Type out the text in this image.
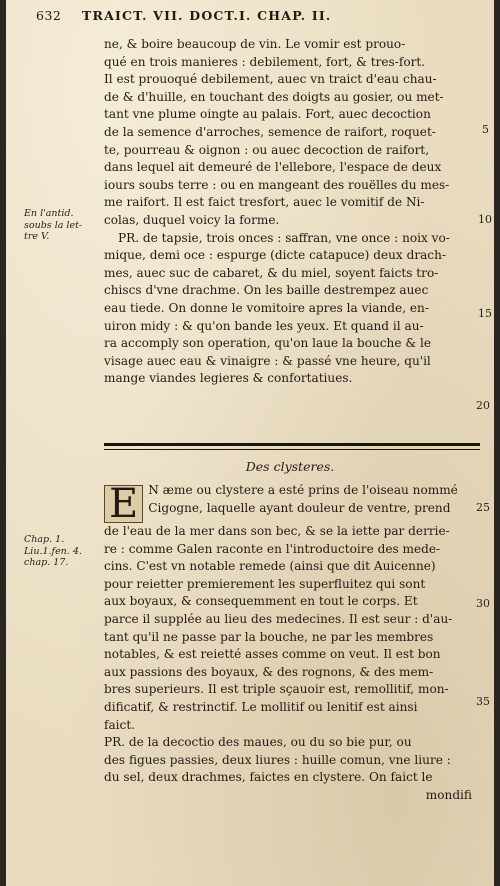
632 TRAICT. VII. DOCT.I. CHAP. II.
ne, & boire beaucoup de vin. Le vomir est prouo-
qué en trois manieres : debilement, fort, & tres-fort.
Il est prouoqué debilement, auec vn traict d'eau chau-
de & d'huille, en touchant des doigts au gosier, ou met-
tant vne plume oingte au palais. Fort, auec decoction
de la semence d'arroches, semence de raifort, roquet-
te, pourreau & oignon : ou auec decoction de raifort,
dans lequel ait demeuré de l'ellebore, l'espace de deux
iours soubs terre : ou en mangeant des rouëlles du mes-
me raifort. Il est faict tresfort, auec le vomitif de Ni-
colas, duquel voicy la forme.
PR. de tapsie, trois onces : saffran, vne once : noix vo-
mique, demi oce : espurge (dicte catapuce) deux drach-
mes, auec suc de cabaret, & du miel, soyent faicts tro-
chiscs d'vne drachme. On les baille destrempez auec
eau tiede. On donne le vomitoire apres la viande, en-
uiron midy : & qu'on bande les yeux. Et quand il au-
ra accomply son operation, qu'on laue la bouche & le
visage auec eau & vinaigre : & passé vne heure, qu'il
mange viandes legieres & confortatiues.
En l'antid.
soubs la let-
tre V.
Chap. 1.
Liu.1.fen. 4.
chap. 17.
5
10
15
20
25
30
35
Des clysteres.
E N æme ou clystere a esté prins de l'oiseau nommé
Cigogne, laquelle ayant douleur de ventre, prend
de l'eau de la mer dans son bec, & se la iette par derrie-
re : comme Galen raconte en l'introductoire des mede-
cins. C'est vn notable remede (ainsi que dit Auicenne)
pour reietter premierement les superfluitez qui sont
aux boyaux, & consequemment en tout le corps. Et
parce il supplée au lieu des medecines. Il est seur : d'au-
tant qu'il ne passe par la bouche, ne par les membres
notables, & est reietté asses comme on veut. Il est bon
aux passions des boyaux, & des rognons, & des mem-
bres superieurs. Il est triple sçauoir est, remollitif, mon-
dificatif, & restrinctif. Le mollitif ou lenitif est ainsi
faict.
PR. de la decoctio des maues, ou du so bie pur, ou
des figues passies, deux liures : huille comun, vne liure :
du sel, deux drachmes, faictes en clystere. On faict le
mondifi
